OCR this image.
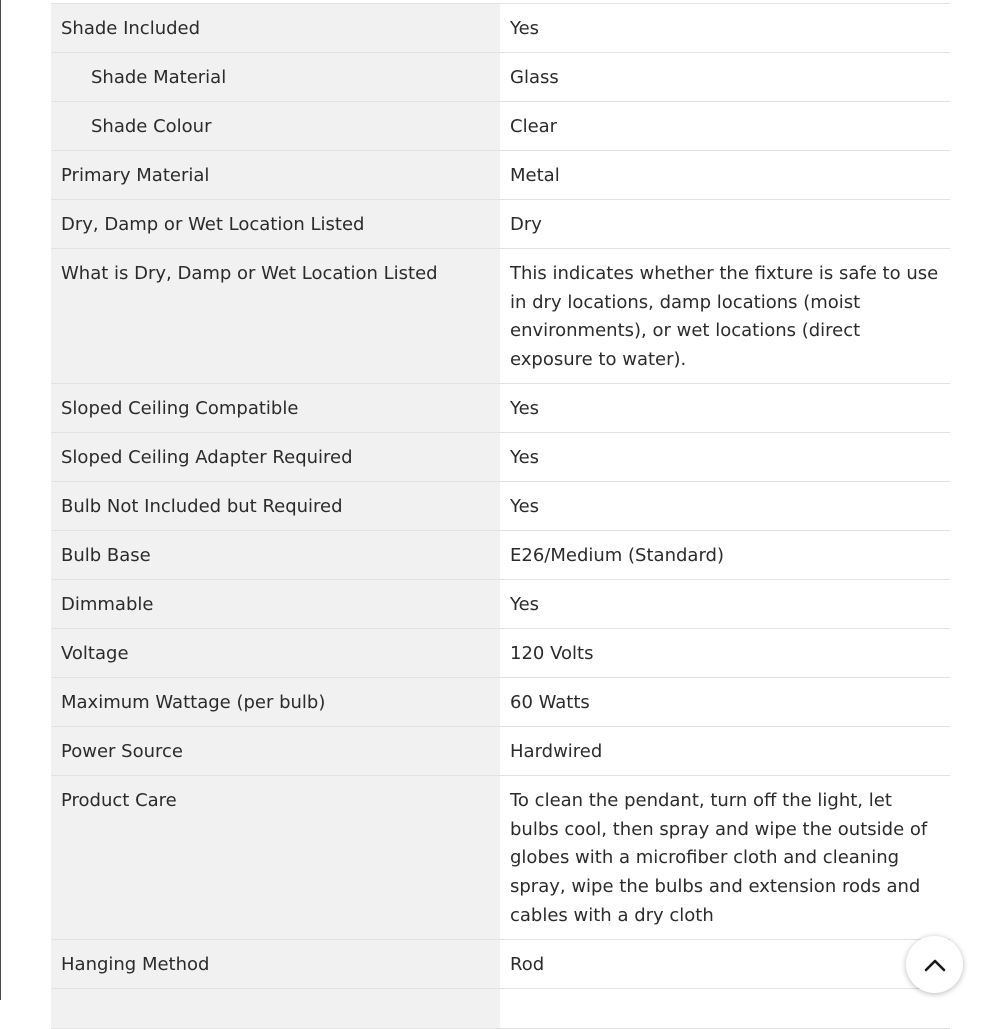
Shade Included	Yes
Shade Material	Glass
Shade Colour	Clear
Primary Material	Metal
Dry, Damp or Wet Location Listed	Dry
What is Dry, Damp or Wet Location Listed	This indicates whether the fixture is safe to use in dry locations, damp locations (moist environments), or wet locations (direct exposure to water).
Sloped Ceiling Compatible	Yes
Sloped Ceiling Adapter Required	Yes
Bulb Not Included but Required	Yes
Bulb Base	E26/Medium (Standard)
Dimmable	Yes
Voltage	120 Volts
Maximum Wattage (per bulb)	60 Watts
Power Source	Hardwired
Product Care	To clean the pendant, turn off the light, let bulbs cool, then spray and wipe the outside of globes with a microfiber cloth and cleaning spray, wipe the bulbs and extension rods and cables with a dry cloth
Hanging Method	Rod
